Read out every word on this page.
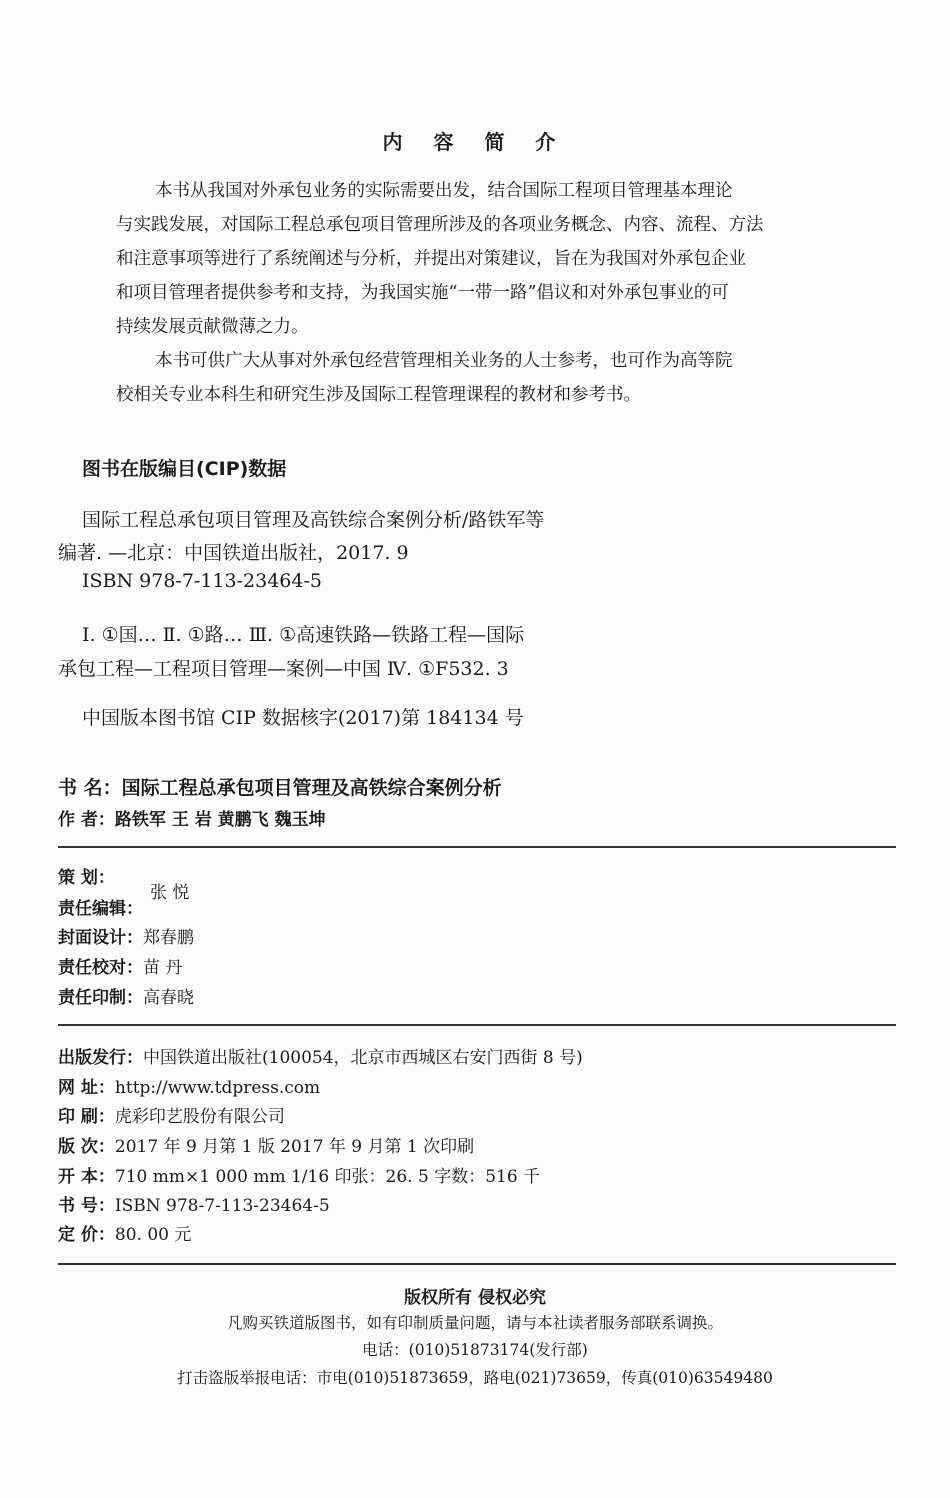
内 容 简 介
本书从我国对外承包业务的实际需要出发，结合国际工程项目管理基本理论
与实践发展，对国际工程总承包项目管理所涉及的各项业务概念、内容、流程、方法
和注意事项等进行了系统阐述与分析，并提出对策建议，旨在为我国对外承包企业
和项目管理者提供参考和支持，为我国实施“一带一路”倡议和对外承包事业的可
持续发展贡献微薄之力。
本书可供广大从事对外承包经营管理相关业务的人士参考，也可作为高等院
校相关专业本科生和研究生涉及国际工程管理课程的教材和参考书。
图书在版编目(CIP)数据
国际工程总承包项目管理及高铁综合案例分析/路铁军等
编著. —北京：中国铁道出版社，2017. 9
ISBN 978-7-113-23464-5
Ⅰ. ①国… Ⅱ. ①路… Ⅲ. ①高速铁路—铁路工程—国际
承包工程—工程项目管理—案例—中国 Ⅳ. ①F532. 3
中国版本图书馆 CIP 数据核字(2017)第 184134 号
书 名：国际工程总承包项目管理及高铁综合案例分析
作 者：路铁军 王 岩 黄鹏飞 魏玉坤
策 划：
责任编辑：
张 悦
封面设计：郑春鹏
责任校对：苗 丹
责任印制：高春晓
出版发行：中国铁道出版社(100054，北京市西城区右安门西街 8 号)
网 址：http://www.tdpress.com
印 刷：虎彩印艺股份有限公司
版 次：2017 年 9 月第 1 版 2017 年 9 月第 1 次印刷
开 本：710 mm×1 000 mm 1/16 印张：26. 5 字数：516 千
书 号：ISBN 978-7-113-23464-5
定 价：80. 00 元
版权所有 侵权必究
凡购买铁道版图书，如有印制质量问题，请与本社读者服务部联系调换。
电话：(010)51873174(发行部)
打击盗版举报电话：市电(010)51873659，路电(021)73659，传真(010)63549480
